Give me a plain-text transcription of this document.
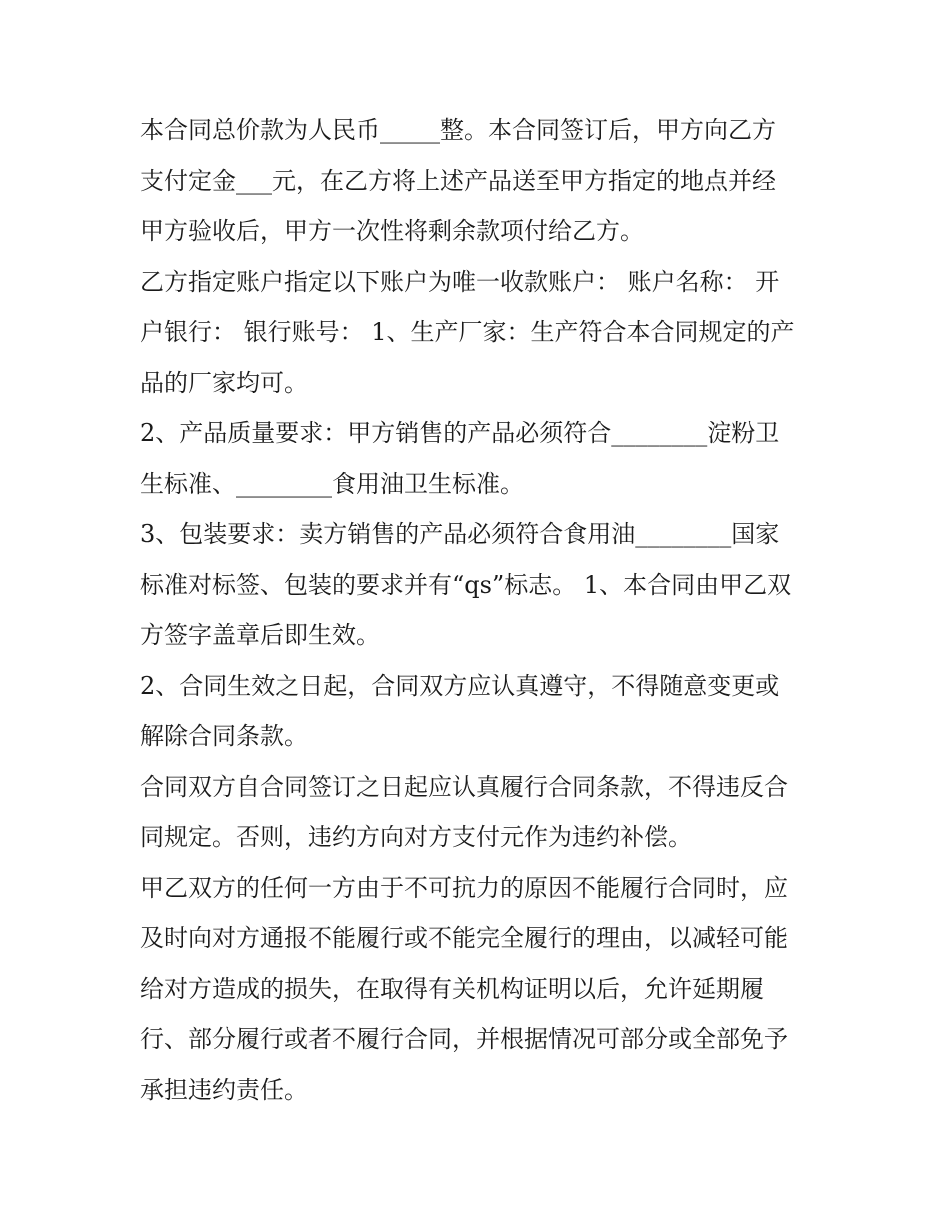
本合同总价款为人民币_____整。本合同签订后，甲方向乙方
支付定金___元，在乙方将上述产品送至甲方指定的地点并经
甲方验收后，甲方一次性将剩余款项付给乙方。

乙方指定账户指定以下账户为唯一收款账户： 账户名称： 开
户银行： 银行账号： 1、生产厂家：生产符合本合同规定的产
品的厂家均可。

2、产品质量要求：甲方销售的产品必须符合________淀粉卫
生标准、________食用油卫生标准。

3、包装要求：卖方销售的产品必须符合食用油________国家
标准对标签、包装的要求并有“qs”标志。 1、本合同由甲乙双
方签字盖章后即生效。

2、合同生效之日起，合同双方应认真遵守，不得随意变更或
解除合同条款。

合同双方自合同签订之日起应认真履行合同条款，不得违反合
同规定。否则，违约方向对方支付元作为违约补偿。

甲乙双方的任何一方由于不可抗力的原因不能履行合同时，应
及时向对方通报不能履行或不能完全履行的理由，以减轻可能
给对方造成的损失，在取得有关机构证明以后，允许延期履
行、部分履行或者不履行合同，并根据情况可部分或全部免予
承担违约责任。
